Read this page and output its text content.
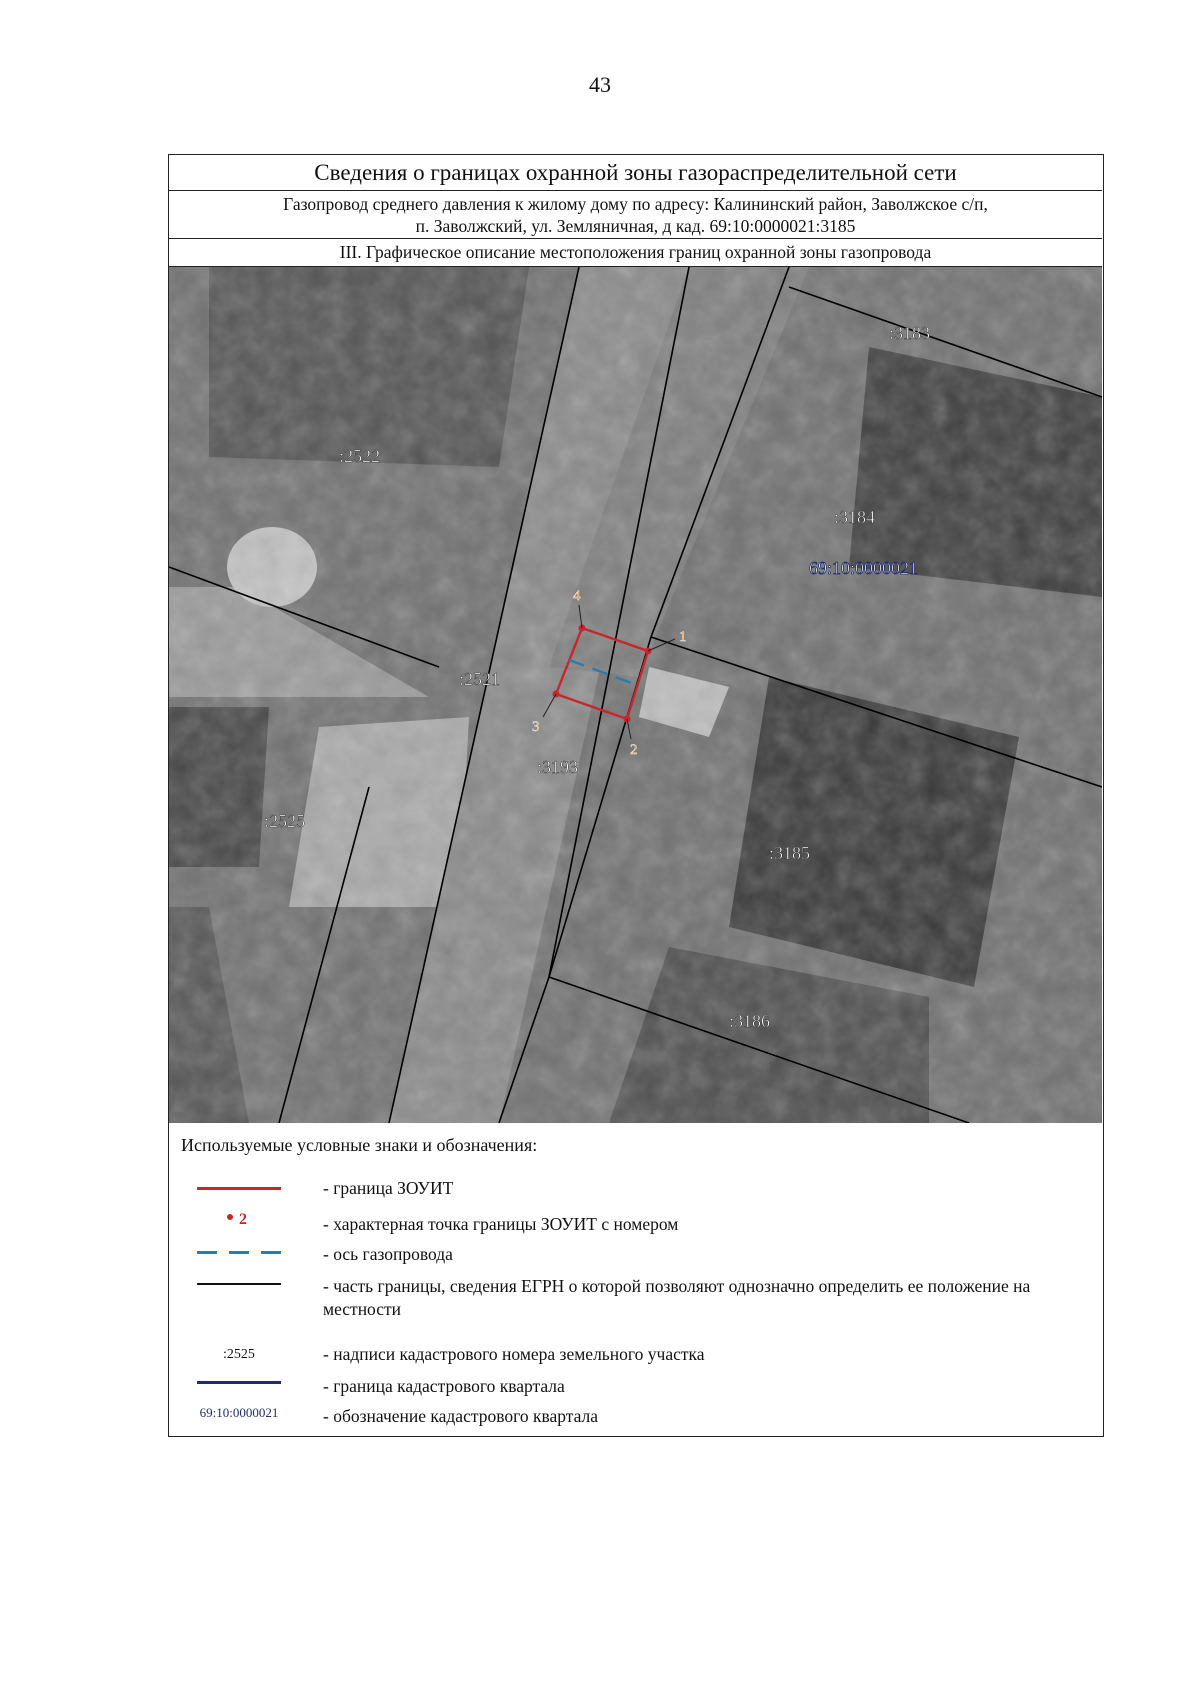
43
Сведения о границах охранной зоны газораспределительной сети
Газопровод среднего давления к жилому дому по адресу: Калининский район, Заволжское с/п,
п. Заволжский, ул. Земляничная, д кад. 69:10:0000021:3185
III. Графическое описание местоположения границ охранной зоны газопровода
1
2
3
4
:3183
:2522
:3184
:2521
:3193
:2525
:3185
:3186
69:10:0000021
Используемые условные знаки и обозначения:
- граница ЗОУИТ
2	- характерная точка границы ЗОУИТ с номером
- ось газопровода
- часть границы, сведения ЕГРН о которой позволяют однозначно определить ее положение на местности
:2525	- надписи кадастрового номера земельного участка
- граница кадастрового квартала
69:10:0000021	- обозначение кадастрового квартала
